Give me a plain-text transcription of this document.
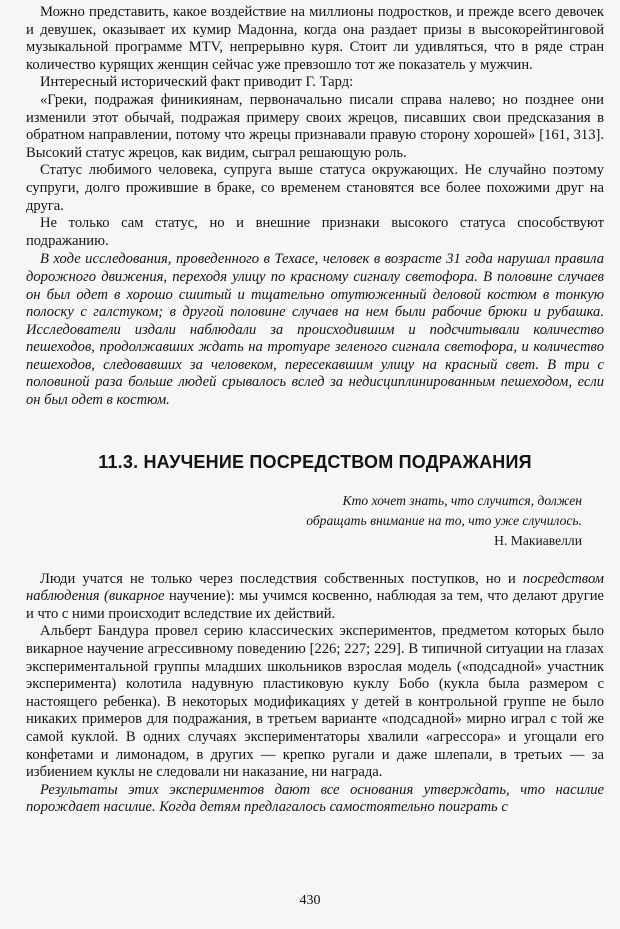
Можно представить, какое воздействие на миллионы подростков, и прежде всего девочек и девушек, оказывает их кумир Мадонна, когда она раздает призы в высокорейтинговой музыкальной программе MTV, непрерывно куря. Стоит ли удивляться, что в ряде стран количество курящих женщин сейчас уже превзошло тот же показатель у мужчин.

Интересный исторический факт приводит Г. Тард:

«Греки, подражая финикиянам, первоначально писали справа налево; но позднее они изменили этот обычай, подражая примеру своих жрецов, писавших свои предсказания в обратном направлении, потому что жрецы признавали правую сторону хорошей» [161, 313]. Высокий статус жрецов, как видим, сыграл решающую роль.

Статус любимого человека, супруга выше статуса окружающих. Не случайно поэтому супруги, долго прожившие в браке, со временем становятся все более похожими друг на друга.

Не только сам статус, но и внешние признаки высокого статуса способствуют подражанию.

В ходе исследования, проведенного в Техасе, человек в возрасте 31 года нарушал правила дорожного движения, переходя улицу по красному сигналу светофора. В половине случаев он был одет в хорошо сшитый и тщательно отутюженный деловой костюм в тонкую полоску с галстуком; в другой половине случаев на нем были рабочие брюки и рубашка. Исследователи издали наблюдали за происходившим и подсчитывали количество пешеходов, продолжавших ждать на тротуаре зеленого сигнала светофора, и количество пешеходов, следовавших за человеком, пересекавшим улицу на красный свет. В три с половиной раза больше людей срывалось вслед за недисциплинированным пешеходом, если он был одет в костюм.

11.3. НАУЧЕНИЕ ПОСРЕДСТВОМ ПОДРАЖАНИЯ
Кто хочет знать, что случится, должен
обращать внимание на то, что уже случилось.
Н. Макиавелли

Люди учатся не только через последствия собственных поступков, но и посредством наблюдения (викарное научение): мы учимся косвенно, наблюдая за тем, что делают другие и что с ними происходит вследствие их действий.

Альберт Бандура провел серию классических экспериментов, предметом которых было викарное научение агрессивному поведению [226; 227; 229]. В типичной ситуации на глазах экспериментальной группы младших школьников взрослая модель («подсадной» участник эксперимента) колотила надувную пластиковую куклу Бобо (кукла была размером с настоящего ребенка). В некоторых модификациях у детей в контрольной группе не было никаких примеров для подражания, в третьем варианте «подсадной» мирно играл с той же самой куклой. В одних случаях экспериментаторы хвалили «агрессора» и угощали его конфетами и лимонадом, в других — крепко ругали и даже шлепали, в третьих — за избиением куклы не следовали ни наказание, ни награда.

Результаты этих экспериментов дают все основания утверждать, что насилие порождает насилие. Когда детям предлагалось самостоятельно поиграть с

430
